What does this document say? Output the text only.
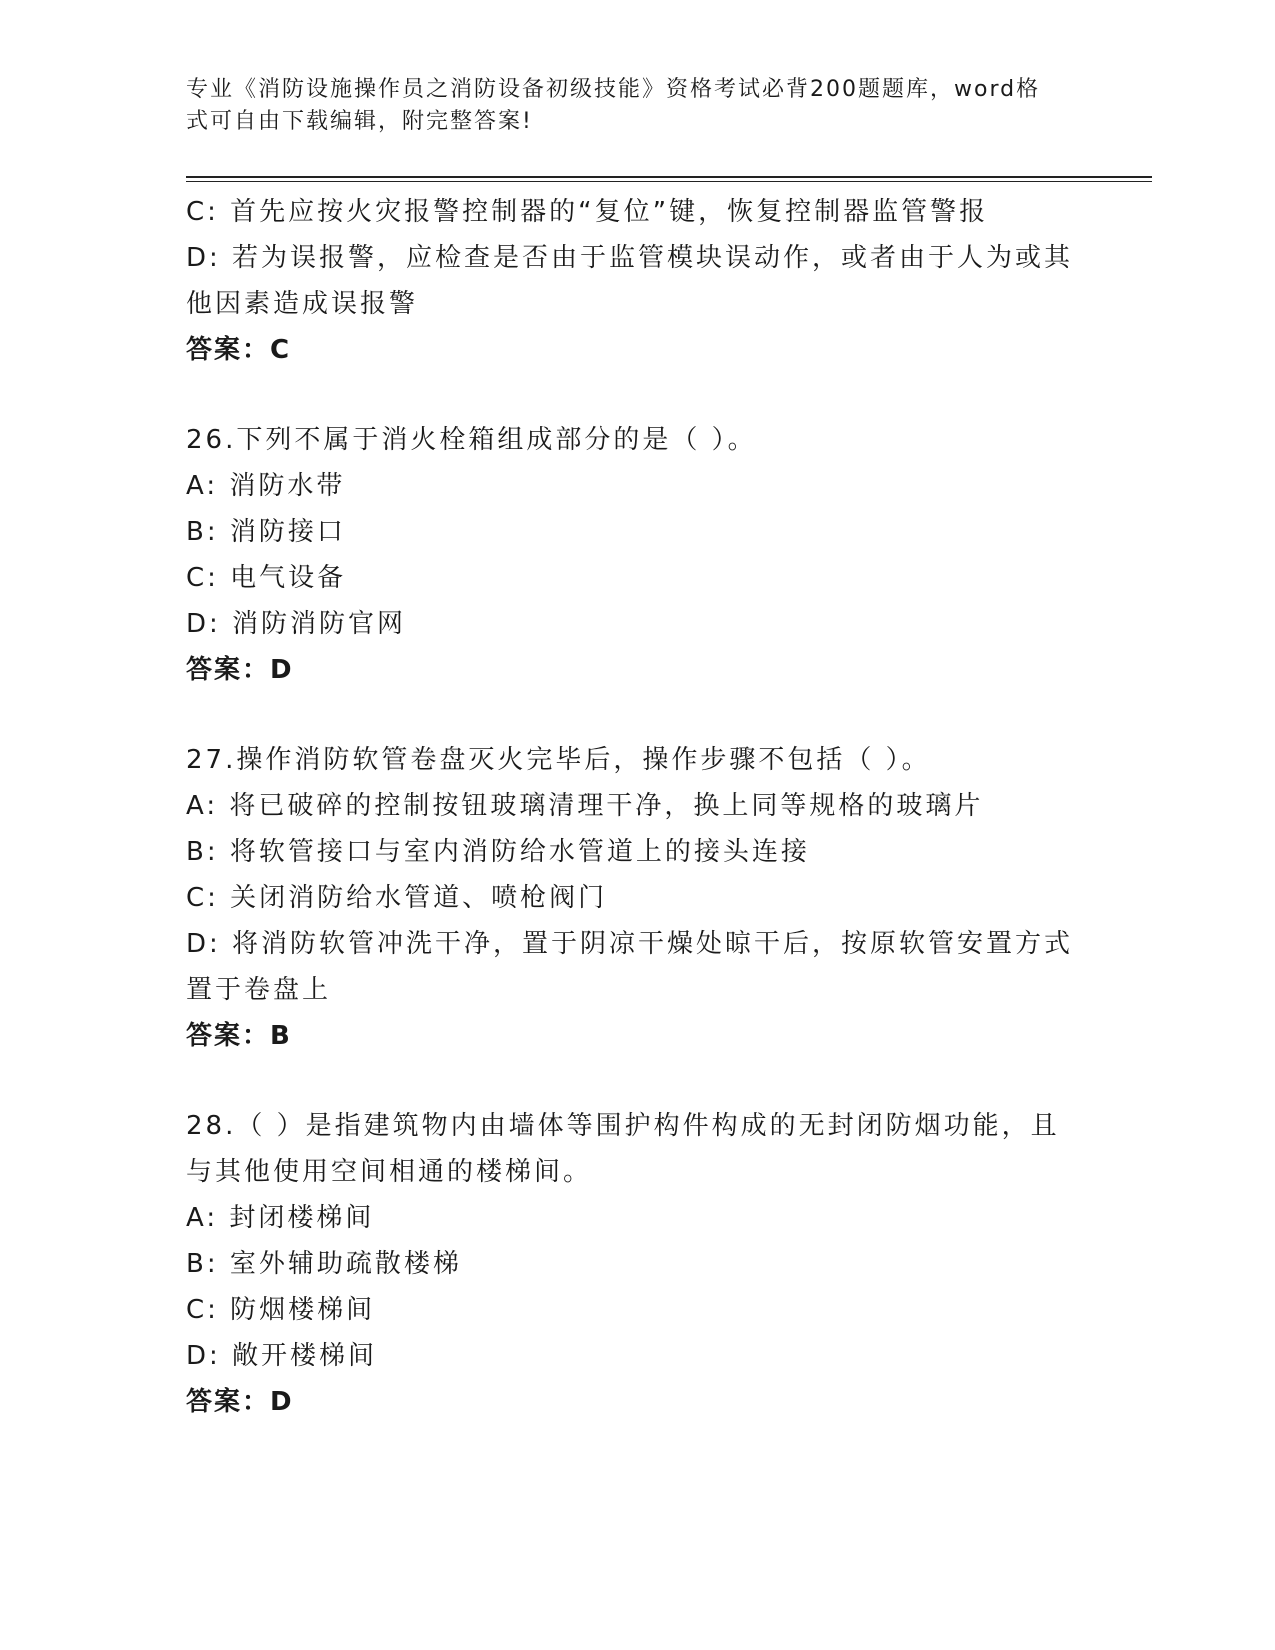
专业《消防设施操作员之消防设备初级技能》资格考试必背200题题库，word格
式可自由下载编辑，附完整答案!
C: 首先应按火灾报警控制器的“复位”键，恢复控制器监管警报
D: 若为误报警，应检查是否由于监管模块误动作，或者由于人为或其
他因素造成误报警
答案：C
26.下列不属于消火栓箱组成部分的是（ ）。
A: 消防水带
B: 消防接口
C: 电气设备
D: 消防消防官网
答案：D
27.操作消防软管卷盘灭火完毕后，操作步骤不包括（ ）。
A: 将已破碎的控制按钮玻璃清理干净，换上同等规格的玻璃片
B: 将软管接口与室内消防给水管道上的接头连接
C: 关闭消防给水管道、喷枪阀门
D: 将消防软管冲洗干净，置于阴凉干燥处晾干后，按原软管安置方式
置于卷盘上
答案：B
28.（ ）是指建筑物内由墙体等围护构件构成的无封闭防烟功能，且
与其他使用空间相通的楼梯间。
A: 封闭楼梯间
B: 室外辅助疏散楼梯
C: 防烟楼梯间
D: 敞开楼梯间
答案：D
